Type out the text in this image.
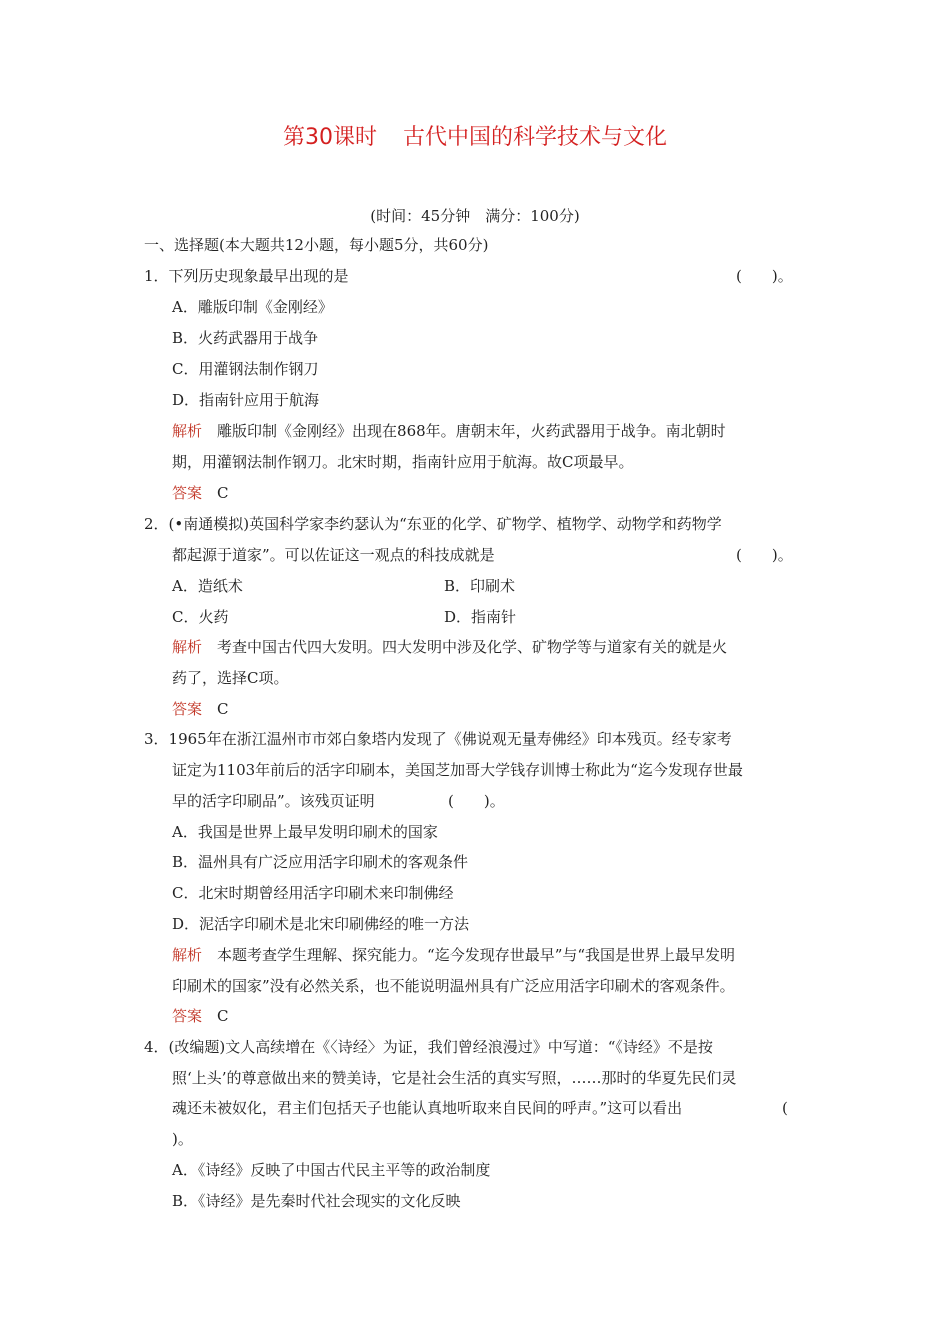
第30课时 古代中国的科学技术与文化
(时间：45分钟　满分：100分)
一、选择题(本大题共12小题，每小题5分，共60分)
1．下列历史现象最早出现的是	(　　)。
A．雕版印制《金刚经》
B．火药武器用于战争
C．用灌钢法制作钢刀
D．指南针应用于航海
解析　 雕版印制《金刚经》出现在868年。唐朝末年，火药武器用于战争。南北朝时
期，用灌钢法制作钢刀。北宋时期，指南针应用于航海。故C项最早。
答案　 C
2．(•南通模拟)英国科学家李约瑟认为“东亚的化学、矿物学、植物学、动物学和药物学
都起源于道家”。可以佐证这一观点的科技成就是	(　　)。
A．造纸术	B．印刷术
C．火药	D．指南针
解析　 考查中国古代四大发明。四大发明中涉及化学、矿物学等与道家有关的就是火
药了，选择C项。
答案　 C
3．1965年在浙江温州市市郊白象塔内发现了《佛说观无量寿佛经》印本残页。经专家考
证定为1103年前后的活字印刷本，美国芝加哥大学钱存训博士称此为“迄今发现存世最
早的活字印刷品”。该残页证明	(　　)。
A．我国是世界上最早发明印刷术的国家
B．温州具有广泛应用活字印刷术的客观条件
C．北宋时期曾经用活字印刷术来印制佛经
D．泥活字印刷术是北宋印刷佛经的唯一方法
解析　 本题考查学生理解、探究能力。“迄今发现存世最早”与“我国是世界上最早发明
印刷术的国家”没有必然关系，也不能说明温州具有广泛应用活字印刷术的客观条件。
答案　 C
4．(改编题)文人高续增在《〈诗经〉为证，我们曾经浪漫过》中写道：“《诗经》不是按
照‘上头’的尊意做出来的赞美诗，它是社会生活的真实写照，……那时的华夏先民们灵
魂还未被奴化，君主们包括天子也能认真地听取来自民间的呼声。”这可以看出	(
)。
A．《诗经》反映了中国古代民主平等的政治制度
B．《诗经》是先秦时代社会现实的文化反映
